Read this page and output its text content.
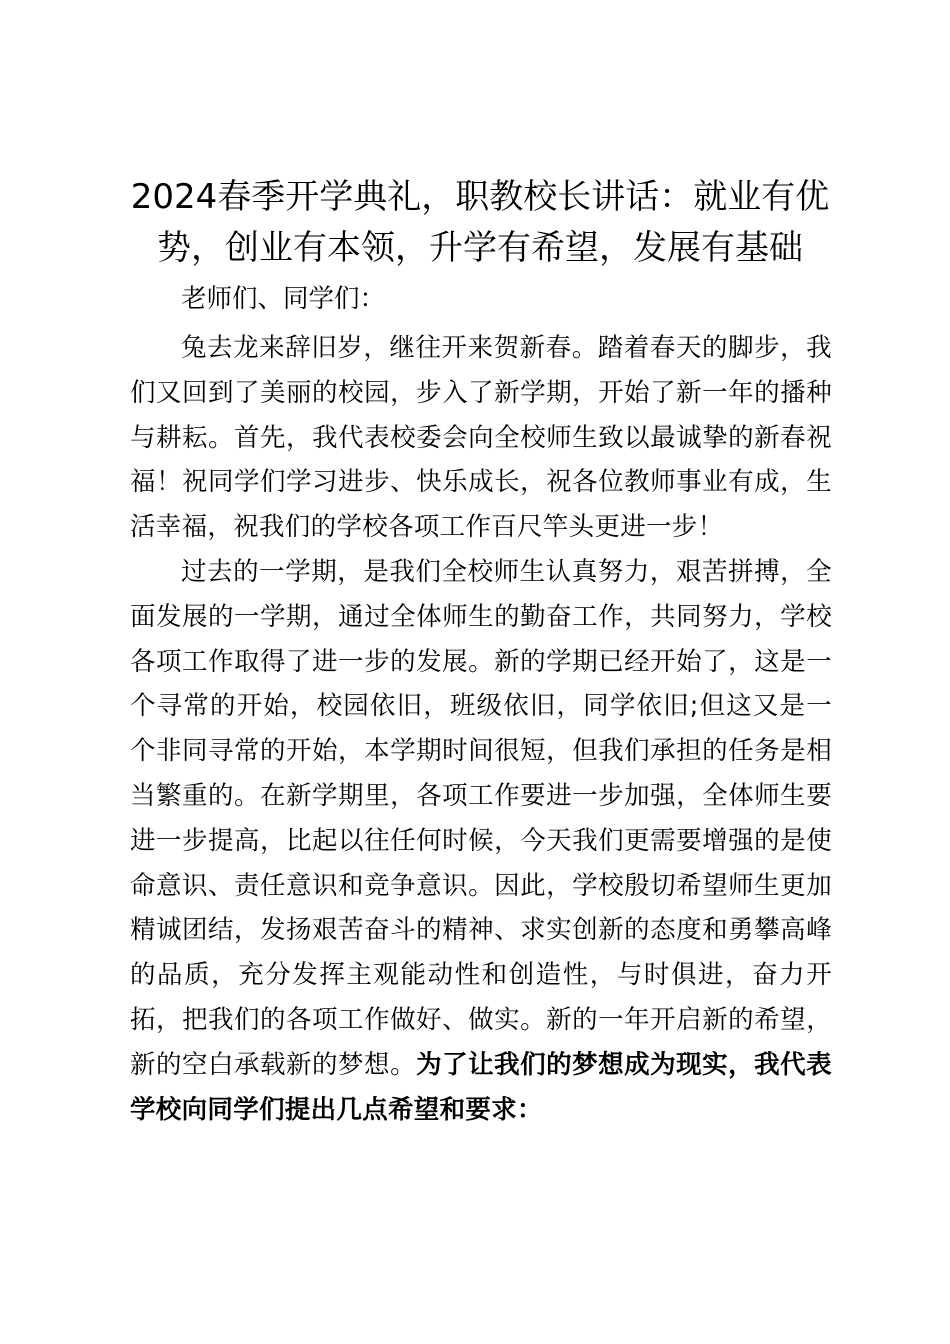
2024春季开学典礼，职教校长讲话：就业有优势，创业有本领，升学有希望，发展有基础

老师们、同学们：

兔去龙来辞旧岁，继往开来贺新春。踏着春天的脚步，我们又回到了美丽的校园，步入了新学期，开始了新一年的播种与耕耘。首先，我代表校委会向全校师生致以最诚挚的新春祝福！祝同学们学习进步、快乐成长，祝各位教师事业有成，生活幸福，祝我们的学校各项工作百尺竿头更进一步！

过去的一学期，是我们全校师生认真努力，艰苦拼搏，全面发展的一学期，通过全体师生的勤奋工作，共同努力，学校各项工作取得了进一步的发展。新的学期已经开始了，这是一个寻常的开始，校园依旧，班级依旧，同学依旧;但这又是一个非同寻常的开始，本学期时间很短，但我们承担的任务是相当繁重的。在新学期里，各项工作要进一步加强，全体师生要进一步提高，比起以往任何时候，今天我们更需要增强的是使命意识、责任意识和竞争意识。因此，学校殷切希望师生更加精诚团结，发扬艰苦奋斗的精神、求实创新的态度和勇攀高峰的品质，充分发挥主观能动性和创造性，与时俱进，奋力开拓，把我们的各项工作做好、做实。新的一年开启新的希望，新的空白承载新的梦想。为了让我们的梦想成为现实，我代表学校向同学们提出几点希望和要求：
